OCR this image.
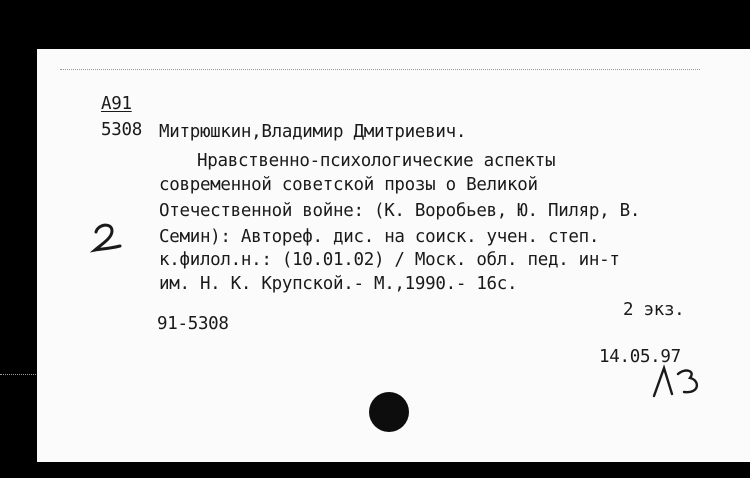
А91
5308 Митрюшкин,Владимир Дмитриевич.
Нравственно-психологические аспекты
современной советской прозы о Великой
Отечественной войне: (К. Воробьев, Ю. Пиляр, В.
Семин): Автореф. дис. на соиск. учен. степ.
к.филол.н.: (10.01.02) / Моск. обл. пед. ин-т
им. Н. К. Крупской.- М.,1990.- 16с.
2 экз.
91-5308
14.05.97
